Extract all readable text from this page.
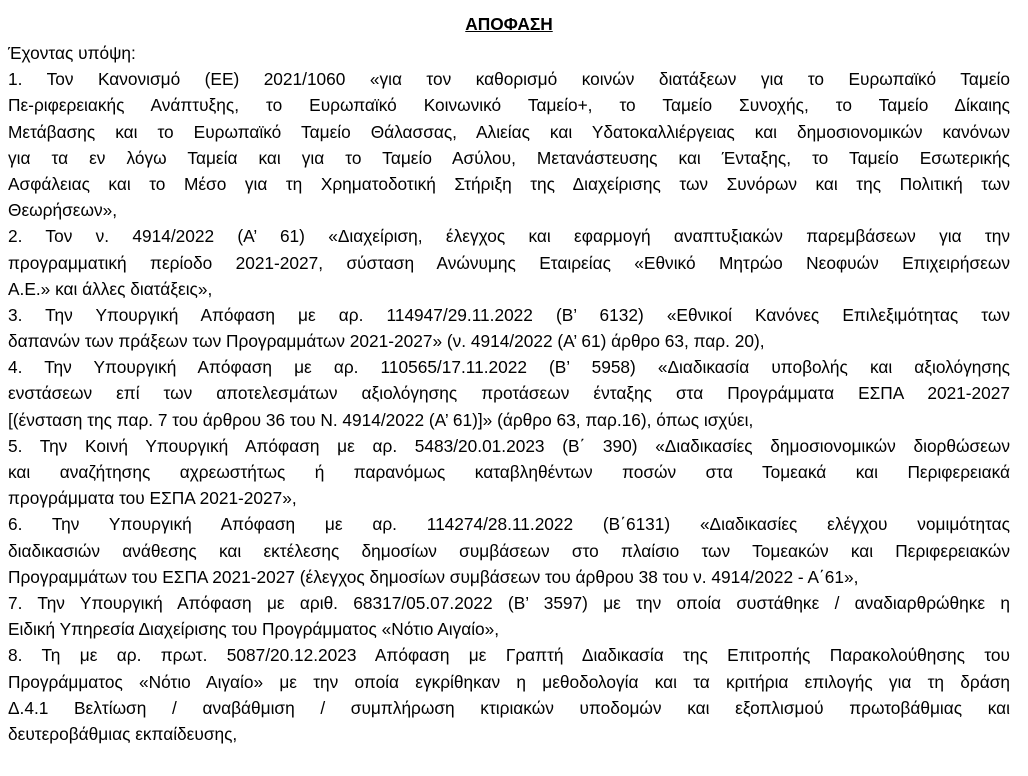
ΑΠΟΦΑΣΗ
Έχοντας υπόψη:
1. Τον Κανονισμό (ΕΕ) 2021/1060 «για τον καθορισμό κοινών διατάξεων για το Ευρωπαϊκό Ταμείο
Πε-ριφερειακής Ανάπτυξης, το Ευρωπαϊκό Κοινωνικό Ταμείο+, το Ταμείο Συνοχής, το Ταμείο Δίκαιης
Μετάβασης και το Ευρωπαϊκό Ταμείο Θάλασσας, Αλιείας και Υδατοκαλλιέργειας και δημοσιονομικών κανόνων
για τα εν λόγω Ταμεία και για το Ταμείο Ασύλου, Μετανάστευσης και Ένταξης, το Ταμείο Εσωτερικής
Ασφάλειας και το Μέσο για τη Χρηματοδοτική Στήριξη της Διαχείρισης των Συνόρων και της Πολιτική των
Θεωρήσεων»,
2. Τον ν. 4914/2022 (Α’ 61) «Διαχείριση, έλεγχος και εφαρμογή αναπτυξιακών παρεμβάσεων για την
προγραμματική περίοδο 2021-2027, σύσταση Ανώνυμης Εταιρείας «Εθνικό Μητρώο Νεοφυών Επιχειρήσεων
Α.Ε.» και άλλες διατάξεις»,
3. Την Υπουργική Απόφαση με αρ. 114947/29.11.2022 (Β’ 6132) «Εθνικοί Κανόνες Επιλεξιμότητας των
δαπανών των πράξεων των Προγραμμάτων 2021-2027» (ν. 4914/2022 (Α’ 61) άρθρο 63, παρ. 20),
4. Την Υπουργική Απόφαση με αρ. 110565/17.11.2022 (Β’ 5958) «Διαδικασία υποβολής και αξιολόγησης
ενστάσεων επί των αποτελεσμάτων αξιολόγησης προτάσεων ένταξης στα Προγράμματα ΕΣΠΑ 2021-2027
[(ένσταση της παρ. 7 του άρθρου 36 του Ν. 4914/2022 (Α’ 61)]» (άρθρο 63, παρ.16), όπως ισχύει,
5. Την Κοινή Υπουργική Απόφαση με αρ. 5483/20.01.2023 (Β΄ 390) «Διαδικασίες δημοσιονομικών διορθώσεων
και αναζήτησης αχρεωστήτως ή παρανόμως καταβληθέντων ποσών στα Τομεακά και Περιφερειακά
προγράμματα του ΕΣΠΑ 2021-2027»,
6. Την Υπουργική Απόφαση με αρ. 114274/28.11.2022 (Β΄6131) «Διαδικασίες ελέγχου νομιμότητας
διαδικασιών ανάθεσης και εκτέλεσης δημοσίων συμβάσεων στο πλαίσιο των Τομεακών και Περιφερειακών
Προγραμμάτων του ΕΣΠΑ 2021-2027 (έλεγχος δημοσίων συμβάσεων του άρθρου 38 του ν. 4914/2022 - Α΄61»,
7. Την Υπουργική Απόφαση με αριθ. 68317/05.07.2022 (Β’ 3597) με την οποία συστάθηκε / αναδιαρθρώθηκε η
Ειδική Υπηρεσία Διαχείρισης του Προγράμματος «Νότιο Αιγαίο»,
8. Τη με αρ. πρωτ. 5087/20.12.2023 Απόφαση με Γραπτή Διαδικασία της Επιτροπής Παρακολούθησης του
Προγράμματος «Νότιο Αιγαίο» με την οποία εγκρίθηκαν η μεθοδολογία και τα κριτήρια επιλογής για τη δράση
Δ.4.1 Βελτίωση / αναβάθμιση / συμπλήρωση κτιριακών υποδομών και εξοπλισμού πρωτοβάθμιας και
δευτεροβάθμιας εκπαίδευσης,
